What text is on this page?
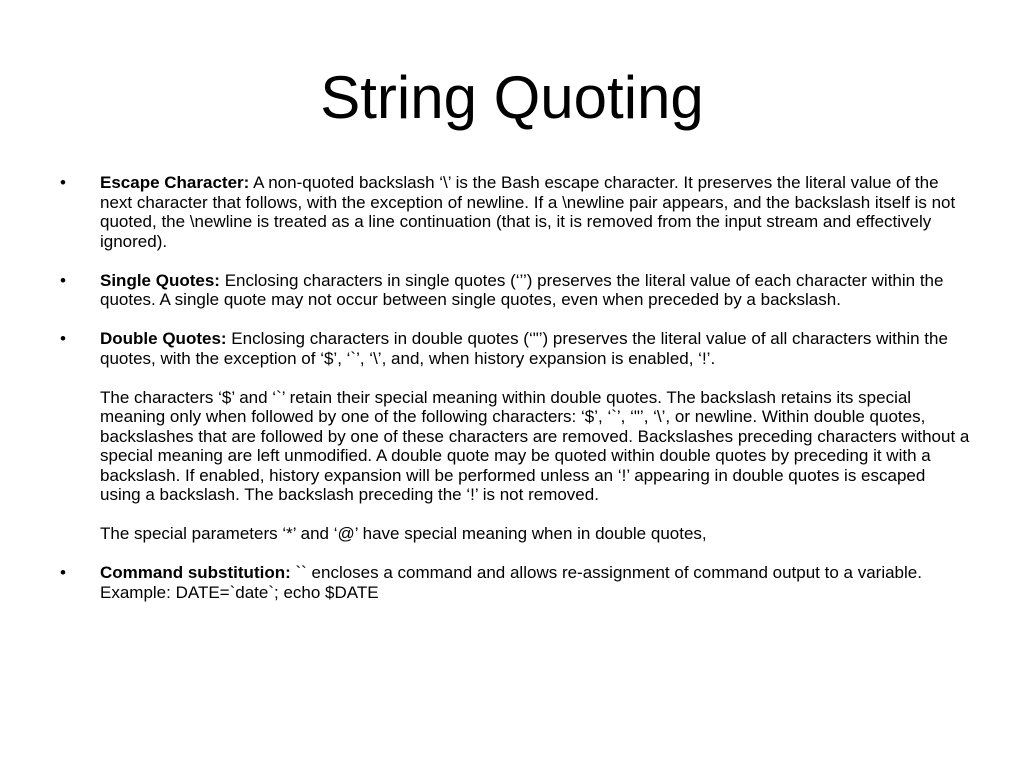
String Quoting
•	Escape Character: A non-quoted backslash ‘\’ is the Bash escape character. It preserves the literal value of the next character that follows, with the exception of newline. If a \newline pair appears, and the backslash itself is not quoted, the \newline is treated as a line continuation (that is, it is removed from the input stream and effectively ignored).
•	Single Quotes: Enclosing characters in single quotes (‘’’) preserves the literal value of each character within the quotes. A single quote may not occur between single quotes, even when preceded by a backslash.
•	Double Quotes: Enclosing characters in double quotes (‘"’) preserves the literal value of all characters within the quotes, with the exception of ‘$’, ‘`’, ‘\’, and, when history expansion is enabled, ‘!’.
The characters ‘$’ and ‘`’ retain their special meaning within double quotes. The backslash retains its special meaning only when followed by one of the following characters: ‘$’, ‘`’, ‘"’, ‘\’, or newline. Within double quotes, backslashes that are followed by one of these characters are removed. Backslashes preceding characters without a special meaning are left unmodified. A double quote may be quoted within double quotes by preceding it with a backslash. If enabled, history expansion will be performed unless an ‘!’ appearing in double quotes is escaped using a backslash. The backslash preceding the ‘!’ is not removed.
The special parameters ‘*’ and ‘@’ have special meaning when in double quotes,
•	Command substitution: `` encloses a command and allows re-assignment of command output to a variable. Example: DATE=`date`; echo $DATE
